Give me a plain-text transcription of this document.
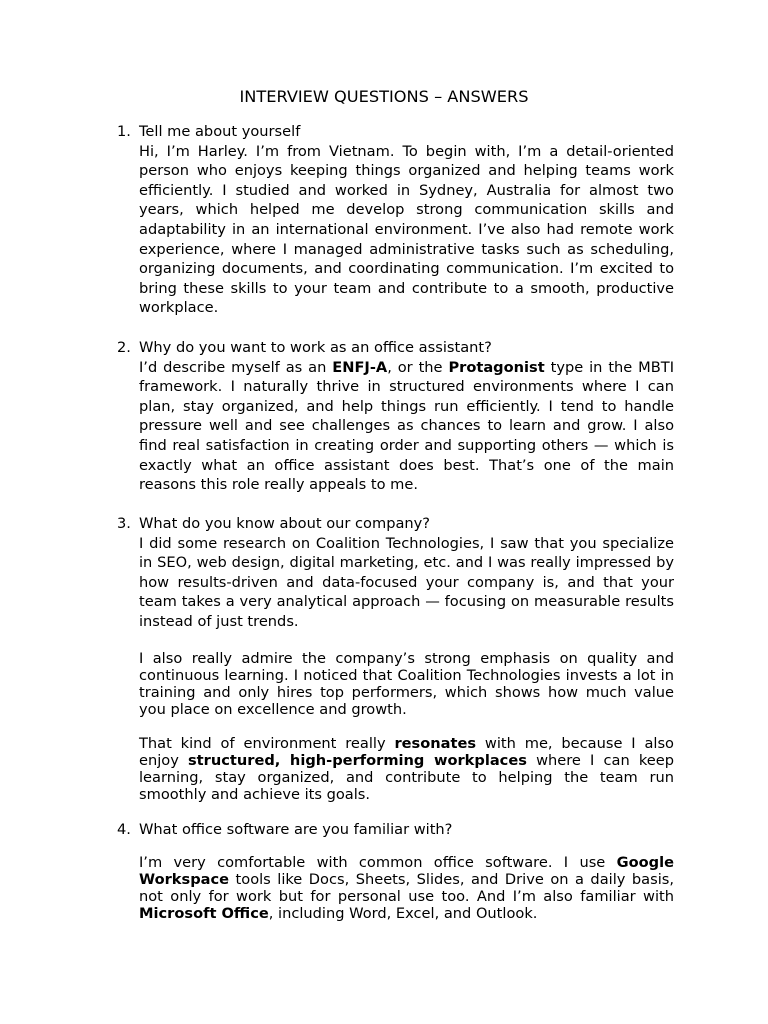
INTERVIEW QUESTIONS – ANSWERS
1. Tell me about yourself

Hi, I’m Harley. I’m from Vietnam. To begin with, I’m a detail-oriented person who enjoys keeping things organized and helping teams work efficiently. I studied and worked in Sydney, Australia for almost two years, which helped me develop strong communication skills and adaptability in an international environment. I’ve also had remote work experience, where I managed administrative tasks such as scheduling, organizing documents, and coordinating communication. I’m excited to bring these skills to your team and contribute to a smooth, productive workplace.

2. Why do you want to work as an office assistant?

I’d describe myself as an ENFJ-A, or the Protagonist type in the MBTI framework. I naturally thrive in structured environments where I can plan, stay organized, and help things run efficiently. I tend to handle pressure well and see challenges as chances to learn and grow. I also find real satisfaction in creating order and supporting others — which is exactly what an office assistant does best. That’s one of the main reasons this role really appeals to me.

3. What do you know about our company?

I did some research on Coalition Technologies, I saw that you specialize in SEO, web design, digital marketing, etc. and I was really impressed by how results-driven and data-focused your company is, and that your team takes a very analytical approach — focusing on measurable results instead of just trends.

I also really admire the company’s strong emphasis on quality and continuous learning. I noticed that Coalition Technologies invests a lot in training and only hires top performers, which shows how much value you place on excellence and growth.

That kind of environment really resonates with me, because I also enjoy structured, high-performing workplaces where I can keep learning, stay organized, and contribute to helping the team run smoothly and achieve its goals.

4. What office software are you familiar with?

I’m very comfortable with common office software. I use Google Workspace tools like Docs, Sheets, Slides, and Drive on a daily basis, not only for work but for personal use too. And I’m also familiar with Microsoft Office, including Word, Excel, and Outlook.
